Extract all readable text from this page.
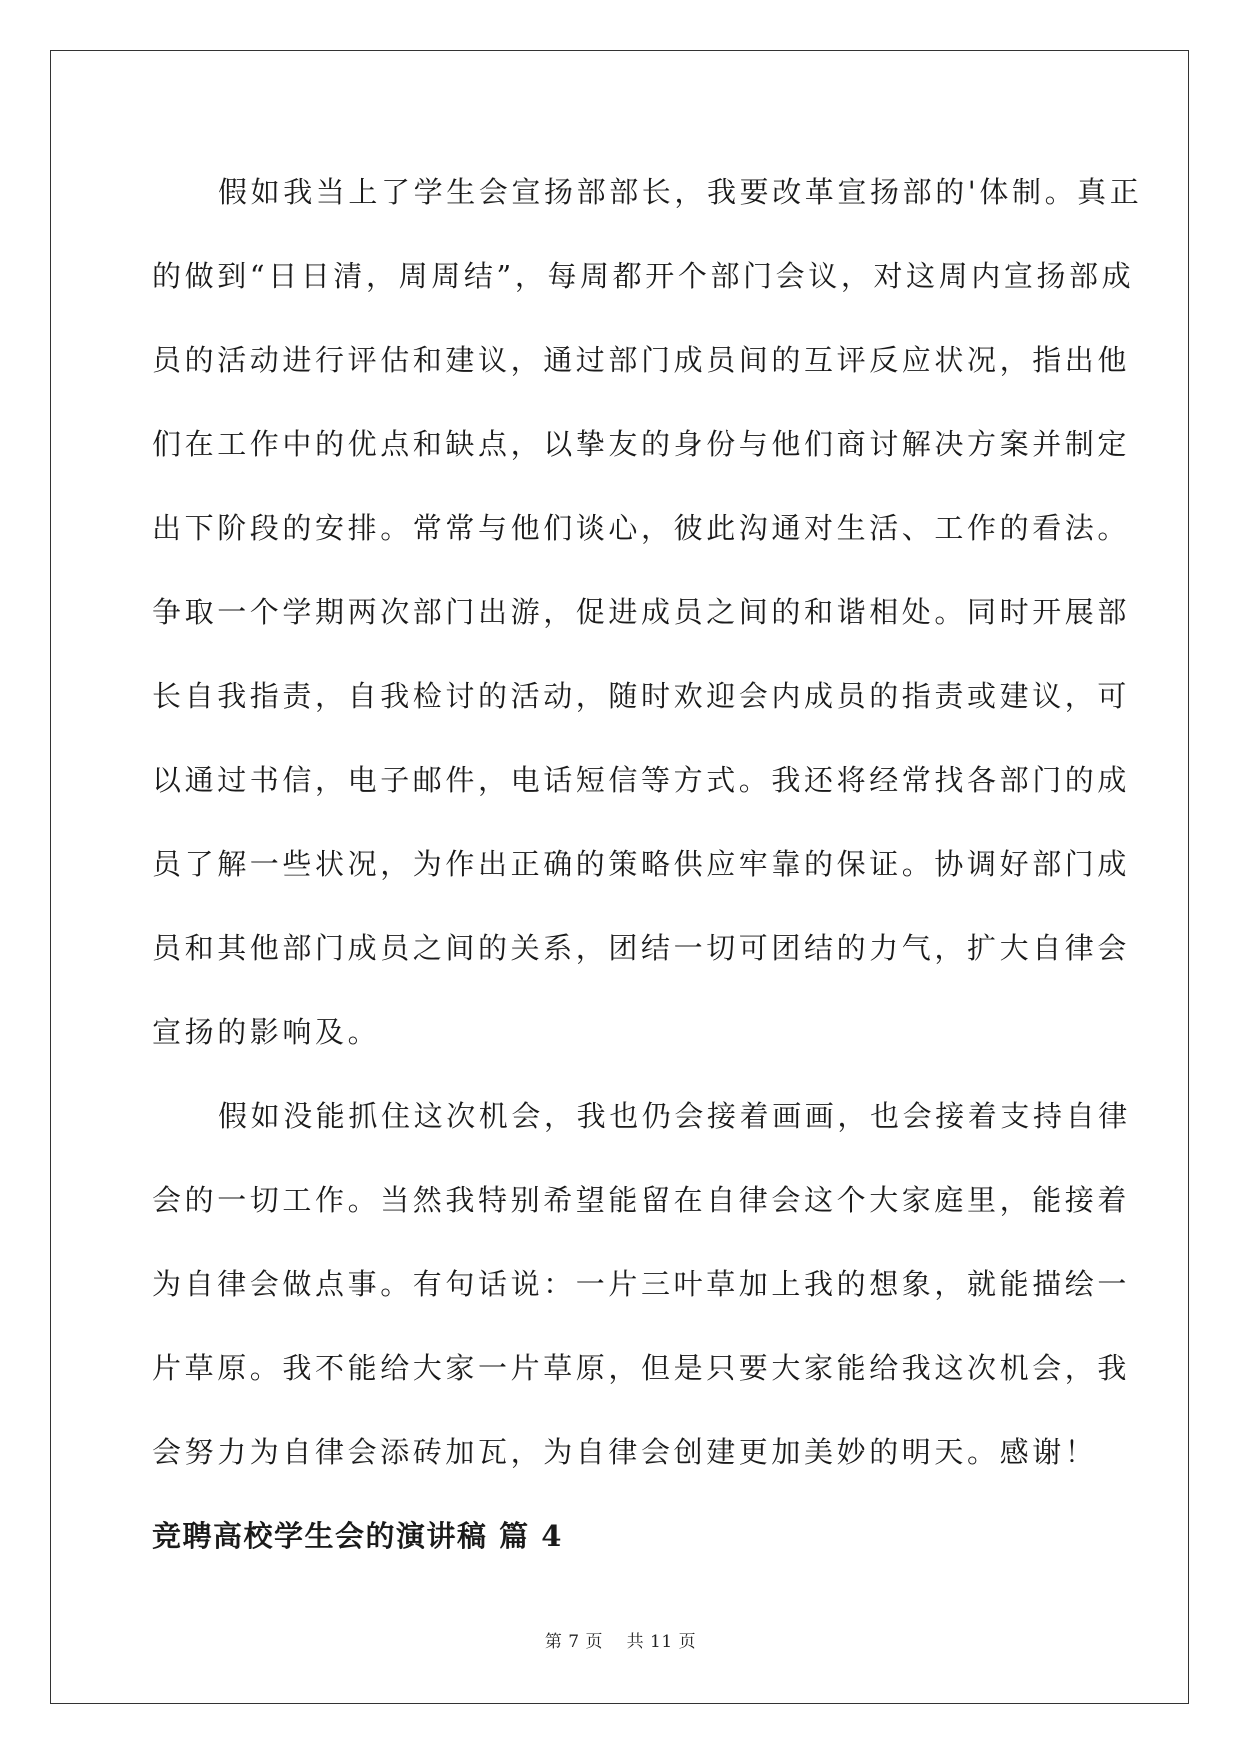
假如我当上了学生会宣扬部部长，我要改革宣扬部的'体制。真正
的做到“日日清，周周结”，每周都开个部门会议，对这周内宣扬部成
员的活动进行评估和建议，通过部门成员间的互评反应状况，指出他
们在工作中的优点和缺点，以挚友的身份与他们商讨解决方案并制定
出下阶段的安排。常常与他们谈心，彼此沟通对生活、工作的看法。
争取一个学期两次部门出游，促进成员之间的和谐相处。同时开展部
长自我指责，自我检讨的活动，随时欢迎会内成员的指责或建议，可
以通过书信，电子邮件，电话短信等方式。我还将经常找各部门的成
员了解一些状况，为作出正确的策略供应牢靠的保证。协调好部门成
员和其他部门成员之间的关系，团结一切可团结的力气，扩大自律会
宣扬的影响及。
假如没能抓住这次机会，我也仍会接着画画，也会接着支持自律
会的一切工作。当然我特别希望能留在自律会这个大家庭里，能接着
为自律会做点事。有句话说：一片三叶草加上我的想象，就能描绘一
片草原。我不能给大家一片草原，但是只要大家能给我这次机会，我
会努力为自律会添砖加瓦，为自律会创建更加美妙的明天。感谢！
竞聘高校学生会的演讲稿 篇 4
第 7 页 共 11 页
